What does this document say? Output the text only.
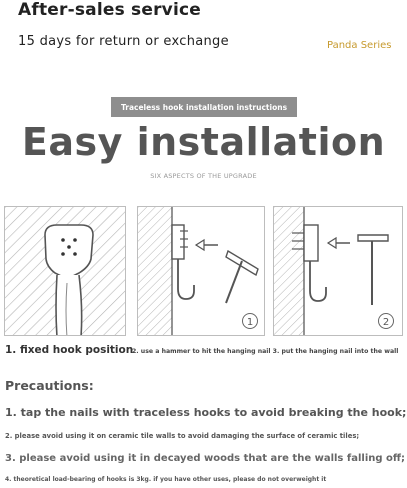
After-sales service
15 days for return or exchange	Panda Series
Traceless hook installation instructions
Easy installation
SIX ASPECTS OF THE UPGRADE
1	2
1. fixed hook position
2. use a hammer to hit the hanging nail 3. put the hanging nail into the wall
Precautions:
1. tap the nails with traceless hooks to avoid breaking the hook;
2. please avoid using it on ceramic tile walls to avoid damaging the surface of ceramic tiles;
3. please avoid using it in decayed woods that are the walls falling off;
4. theoretical load-bearing of hooks is 3kg. if you have other uses, please do not overweight it
